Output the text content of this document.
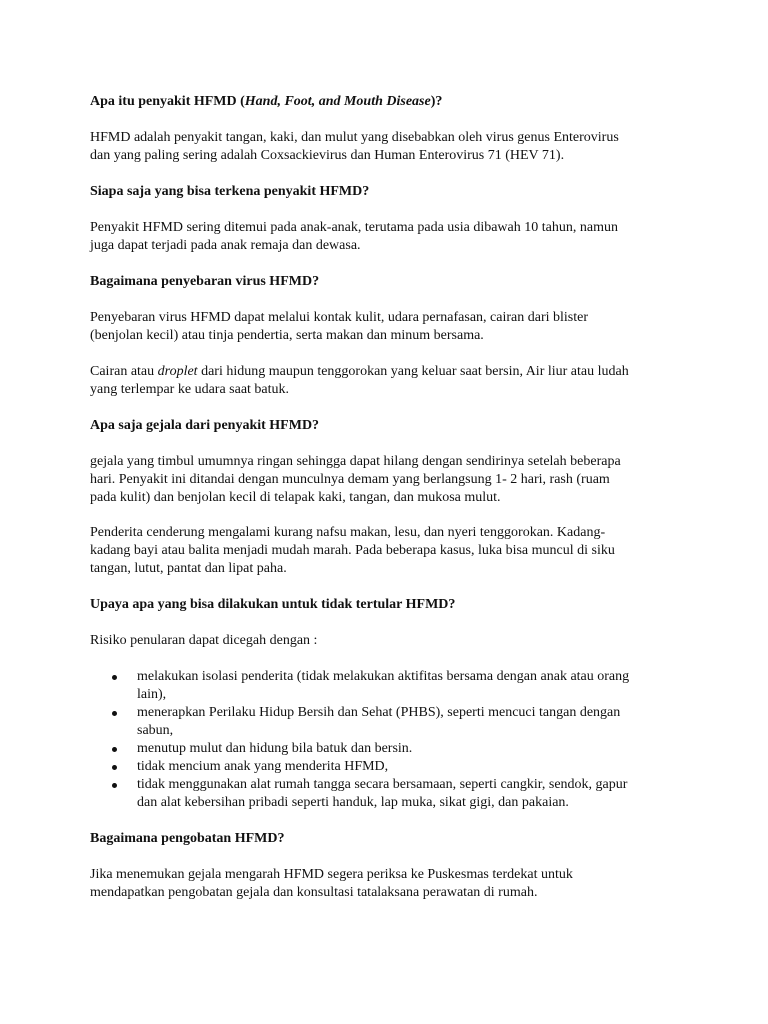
Apa itu penyakit HFMD (Hand, Foot, and Mouth Disease)?

HFMD adalah penyakit tangan, kaki, dan mulut yang disebabkan oleh virus genus Enterovirus
dan yang paling sering adalah Coxsackievirus dan Human Enterovirus 71 (HEV 71).

Siapa saja yang bisa terkena penyakit HFMD?

Penyakit HFMD sering ditemui pada anak-anak, terutama pada usia dibawah 10 tahun, namun
juga dapat terjadi pada anak remaja dan dewasa.

Bagaimana penyebaran virus HFMD?

Penyebaran virus HFMD dapat melalui kontak kulit, udara pernafasan, cairan dari blister
(benjolan kecil) atau tinja pendertia, serta makan dan minum bersama.

Cairan atau droplet dari hidung maupun tenggorokan yang keluar saat bersin, Air liur atau ludah
yang terlempar ke udara saat batuk.

Apa saja gejala dari penyakit HFMD?

gejala yang timbul umumnya ringan sehingga dapat hilang dengan sendirinya setelah beberapa
hari. Penyakit ini ditandai dengan munculnya demam yang berlangsung 1- 2 hari, rash (ruam
pada kulit) dan benjolan kecil di telapak kaki, tangan, dan mukosa mulut.

Penderita cenderung mengalami kurang nafsu makan, lesu, dan nyeri tenggorokan. Kadang-
kadang bayi atau balita menjadi mudah marah. Pada beberapa kasus, luka bisa muncul di siku
tangan, lutut, pantat dan lipat paha.

Upaya apa yang bisa dilakukan untuk tidak tertular HFMD?

Risiko penularan dapat dicegah dengan :

melakukan isolasi penderita (tidak melakukan aktifitas bersama dengan anak atau orang
lain),
menerapkan Perilaku Hidup Bersih dan Sehat (PHBS), seperti mencuci tangan dengan
sabun,
menutup mulut dan hidung bila batuk dan bersin.
tidak mencium anak yang menderita HFMD,
tidak menggunakan alat rumah tangga secara bersamaan, seperti cangkir, sendok, gapur
dan alat kebersihan pribadi seperti handuk, lap muka, sikat gigi, dan pakaian.

Bagaimana pengobatan HFMD?

Jika menemukan gejala mengarah HFMD segera periksa ke Puskesmas terdekat untuk
mendapatkan pengobatan gejala dan konsultasi tatalaksana perawatan di rumah.
